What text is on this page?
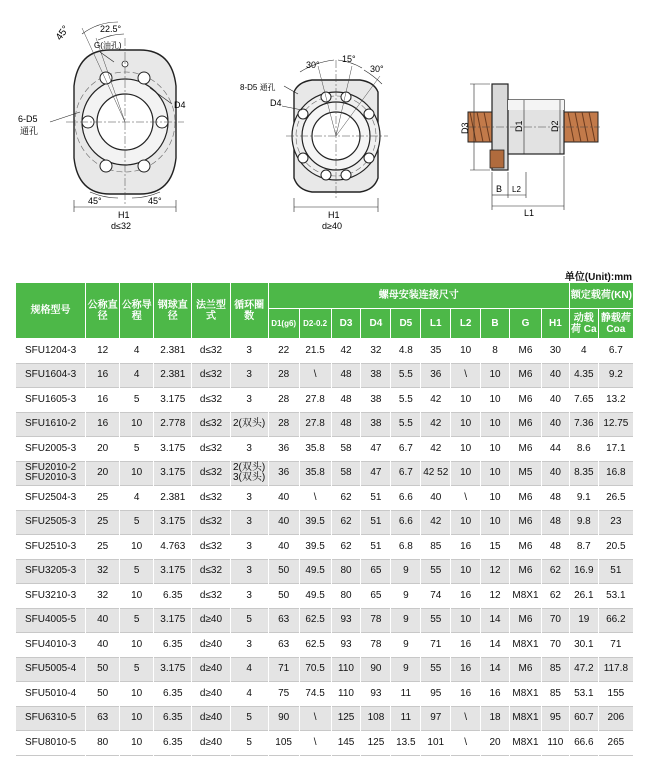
45°	22.5°
G(油孔)
6-D5
通孔
D4
45°	45°
H1
d≤32
30°
15°
30°
8-D5 通孔
D4
H1
d≥40
D3	D1	D2
B L2
L1
单位(Unit):mm
规格型号	公称直径	公称导程	钢球直径	法兰型式	循环圈数	螺母安装连接尺寸										额定载荷(KN)	
						D1(g6)	D2-0.2	D3	D4	D5	L1	L2	B	G	H1	动载荷 Ca	静载荷 Coa
SFU1204-3	12	4	2.381	d≤32	3	22	21.5	42	32	4.8	35	10	8	M6	30	4	6.7
SFU1604-3	16	4	2.381	d≤32	3	28	\	48	38	5.5	36	\	10	M6	40	4.35	9.2
SFU1605-3	16	5	3.175	d≤32	3	28	27.8	48	38	5.5	42	10	10	M6	40	7.65	13.2
SFU1610-2	16	10	2.778	d≤32	2(双头)	28	27.8	48	38	5.5	42	10	10	M6	40	7.36	12.75
SFU2005-3	20	5	3.175	d≤32	3	36	35.8	58	47	6.7	42	10	10	M6	44	8.6	17.1
SFU2010-2 SFU2010-3	20	10	3.175	d≤32	2(双头) 3(双头)	36	35.8	58	47	6.7	42 52	10	10	M5	40	8.35	16.8
SFU2504-3	25	4	2.381	d≤32	3	40	\	62	51	6.6	40	\	10	M6	48	9.1	26.5
SFU2505-3	25	5	3.175	d≤32	3	40	39.5	62	51	6.6	42	10	10	M6	48	9.8	23
SFU2510-3	25	10	4.763	d≤32	3	40	39.5	62	51	6.8	85	16	15	M6	48	8.7	20.5
SFU3205-3	32	5	3.175	d≤32	3	50	49.5	80	65	9	55	10	12	M6	62	16.9	51
SFU3210-3	32	10	6.35	d≤32	3	50	49.5	80	65	9	74	16	12	M8X1	62	26.1	53.1
SFU4005-5	40	5	3.175	d≥40	5	63	62.5	93	78	9	55	10	14	M6	70	19	66.2
SFU4010-3	40	10	6.35	d≥40	3	63	62.5	93	78	9	71	16	14	M8X1	70	30.1	71
SFU5005-4	50	5	3.175	d≥40	4	71	70.5	110	90	9	55	16	14	M6	85	47.2	117.8
SFU5010-4	50	10	6.35	d≥40	4	75	74.5	110	93	11	95	16	16	M8X1	85	53.1	155
SFU6310-5	63	10	6.35	d≥40	5	90	\	125	108	11	97	\	18	M8X1	95	60.7	206
SFU8010-5	80	10	6.35	d≥40	5	105	\	145	125	13.5	101	\	20	M8X1	110	66.6	265
